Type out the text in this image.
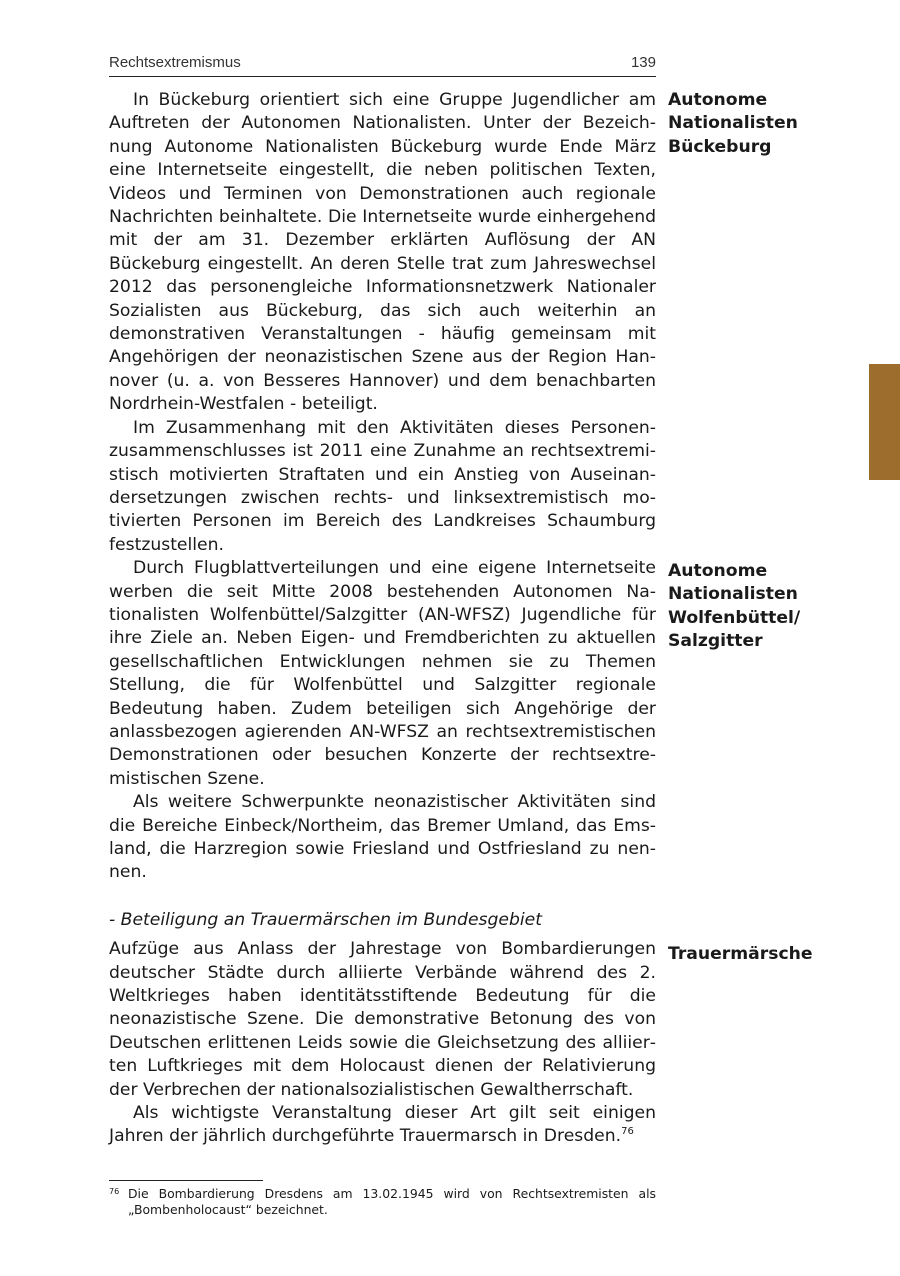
Rechtsextremismus	139
Autonome
Nationalisten
Bückeburg
Autonome
Nationalisten
Wolfenbüttel/
Salzgitter
Trauermärsche

In Bückeburg orientiert sich eine Gruppe Jugendlicher am Auftreten der Autonomen Nationalisten. Unter der Bezeichnung Autonome Nationalisten Bückeburg wurde Ende März eine Internetseite eingestellt, die neben politischen Texten, Videos und Terminen von Demonstrationen auch regionale Nachrichten beinhaltete. Die Internetseite wurde einhergehend mit der am 31. Dezember erklärten Auflösung der AN Bückeburg eingestellt. An deren Stelle trat zum Jahreswechsel 2012 das personengleiche Informationsnetzwerk Nationaler Sozialisten aus Bückeburg, das sich auch weiterhin an demonstrativen Veranstaltungen - häufig gemeinsam mit Angehörigen der neonazistischen Szene aus der Region Hannover (u. a. von Besseres Hannover) und dem benachbarten Nordrhein-Westfalen - beteiligt.

Im Zusammenhang mit den Aktivitäten dieses Personenzusammenschlusses ist 2011 eine Zunahme an rechtsextremistisch motivierten Straftaten und ein Anstieg von Auseinandersetzungen zwischen rechts- und linksextremistisch motivierten Personen im Bereich des Landkreises Schaumburg festzustellen.

Durch Flugblattverteilungen und eine eigene Internetseite werben die seit Mitte 2008 bestehenden Autonomen Nationalisten Wolfenbüttel/Salzgitter (AN-WFSZ) Jugendliche für ihre Ziele an. Neben Eigen- und Fremdberichten zu aktuellen gesellschaftlichen Entwicklungen nehmen sie zu Themen Stellung, die für Wolfenbüttel und Salzgitter regionale Bedeutung haben. Zudem beteiligen sich Angehörige der anlassbezogen agierenden AN-WFSZ an rechtsextremistischen Demonstrationen oder besuchen Konzerte der rechtsextremistischen Szene.

Als weitere Schwerpunkte neonazistischer Aktivitäten sind die Bereiche Einbeck/Northeim, das Bremer Umland, das Emsland, die Harzregion sowie Friesland und Ostfriesland zu nennen.

- Beteiligung an Trauermärschen im Bundesgebiet

Aufzüge aus Anlass der Jahrestage von Bombardierungen deutscher Städte durch alliierte Verbände während des 2. Weltkrieges haben identitätsstiftende Bedeutung für die neonazistische Szene. Die demonstrative Betonung des von Deutschen erlittenen Leids sowie die Gleichsetzung des alliierten Luftkrieges mit dem Holocaust dienen der Relativierung der Verbrechen der nationalsozialistischen Gewaltherrschaft.

Als wichtigste Veranstaltung dieser Art gilt seit einigen Jahren der jährlich durchgeführte Trauermarsch in Dresden.$^{76}$

76 Die Bombardierung Dresdens am 13.02.1945 wird von Rechtsextremisten als „Bombenholocaust“ bezeichnet.
